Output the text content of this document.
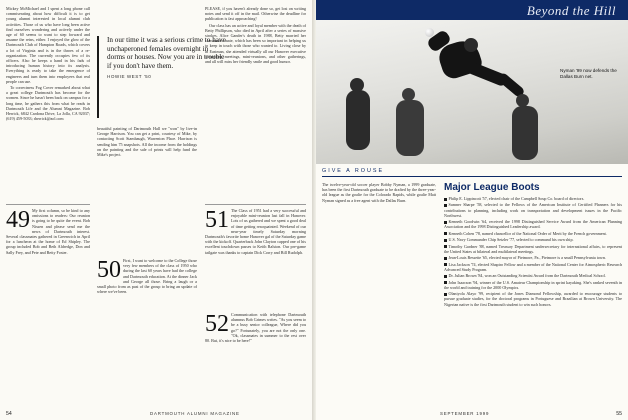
Mickey McMichael and I spent a long phone call commiserating about how difficult it is to get young alumni interested in local alumni club activities. Those of us who have long been active find ourselves wondering and actively under the age of 60 seems to want to step forward and assume the reins, either. I enjoyed the glow of the Dartmouth Club of Hampton Roads, which covers a lot of Virginia and is in the throes of a re-organization. The currently occupies few of its officers. Also he keeps a hand in his fads of introducing human history into its analysis. Everything is ready to take the emergence of engineers and turn them into employees that real people can use.

To correctness Fog Cover remarked about what a great college Dartmouth has become for the women. Since he hasn't been back on campus for a long time, he gathers this from what he reads in Dartmouth Life and the Alumni Magazine. Bob Herrick, 6842 Cardona Drive, La Jolla, CA 92037; (619) 459-5033; rherrick@aol.com

In our time it was a serious crime to have unchaperoned females overnight in dorms or houses. Now you are in trouble if you don't have them.

HOWIE WEST '50

beautiful painting of Dartmouth Hall we "won" by live-in George Harrison. You can get a print, courtesy of Mike, by contacting Scott Stambaugh, Warrenton Place. Harrison is sending him 75 snapshots. All the income from the holdings on the painting and the sale of prints will help fund the Mike's project.

PLEASE, if you haven't already done so, get lost on writing notes and send it off in the mail. Otherwise the deadline for publication is fast approaching!

Our class has an active and loyal member with the death of Betty Phillipson, who died in April after a series of massive strokes. Alice Gander's death in 1988, Betty married her classmate's mate, which has been so important in helping us to keep in touch with those who wanted to. Living close by in Eastman, she attended virtually all our Hanover executive committee meetings, mini-reunions, and other gatherings, and all will miss her friendly smile and good humor.

49 My first column, so be kind to any omissions to readers: Our reunion is going to be quite the event. Bob Nissen and please send me the news of Dartmouth interest. Several classmates gathered in Greenwich in April for a luncheon at the home of Ed Shipley. The group included Bob and Beth Aldredge, Don and Sally Frey, and Pete and Betty Foster.

50 First, I want to welcome to the College those very few members of the class of 1950 who during the last 60 years have had the college and Dartmouth education. At the dinner Jack and George all those. Bring a laugh or a small photo from as past of the group to bring an update of where we've been.

51 The Class of 1951 had a very successful and enjoyable mini-reunion last fall in Hanover. Lots of us gathered and we spent a good deal of time getting reacquainted. Weekend of our near-year timely Saturday morning Dartmouth's favorite home Hanover gal of the Saturday game with the kickoff. Quarterback John Clayton capped one of his excellent touchdown passes to Keith Ralston. Our pre-game tailgate was thanks to captain Dick Corry and Bill Rudolph.

52 Communication with telephone Dartmouth alumnus Bob Grimes writes. "As you seem to be a busy senior colleague, Where did you go?" Fortunately, you are not the only one. "Ok, classmates in summer to the rest over 80. But, it's nice to be here!"

54	DARTMOUTH ALUMNI MAGAZINE
Beyond the Hill
Nyman '99 now defends the Dallas Burn net.
GIVE A ROUSE

The twelve-year-old soccer player Bobby Nyman, a 1999 graduate, has been the first Dartmouth graduate to be drafted by the three-year-old league as the goalie for the Colorado Rapids, while goalie Matt Nyman signed as a free agent with the Dallas Burn.

Major League Boots

Philip E. Lippincott '57, elected chair of the Campbell Soup Co. board of directors.

Sumner Sharpe '58, selected to the Fellows of the American Institute of Certified Planners for his contributions to planning, including work on transportation and development issues in the Pacific Northwest.

Kenneth Goodwin '64, received the 1998 Distinguished Service Award from the American Planning Association and the 1998 Distinguished Leadership award.

Kenneth Cohen '78, named chancellor of the National Order of Merit by the French government.

U.S. Navy Commander Chip Setzler '77, selected to command his own ship.

Timothy Gardner '88, named Treasury Department undersecretary for international affairs, to represent the United States at bilateral and multilateral meetings.

Jean-Louis Bessette '65, elected mayor of Pietmore, Pa., Pietmore is a small Pennsylvania town.

Lisa Jackson '74, elected Shapiro Fellow and a member of the National Center for Atmospheric Research Advanced Study Program.

Dr. Julian Brown '84, won an Outstanding Scientist Award from the Dartmouth Medical School.

John Isaacson '94, winner of the U.S. Amateur Championship in sprint kayaking. She's ranked seventh in the world and training for the 2000 Olympics.

Olaniyola Alayo '99, recipient of the Jones Diamond Fellowship, awarded to encourage students to pursue graduate studies, for the doctoral programs in Portuguese and Brazilian at Brown University. The Nigerian native is the first Dartmouth student to win such honors.

SEPTEMBER 1999	55
